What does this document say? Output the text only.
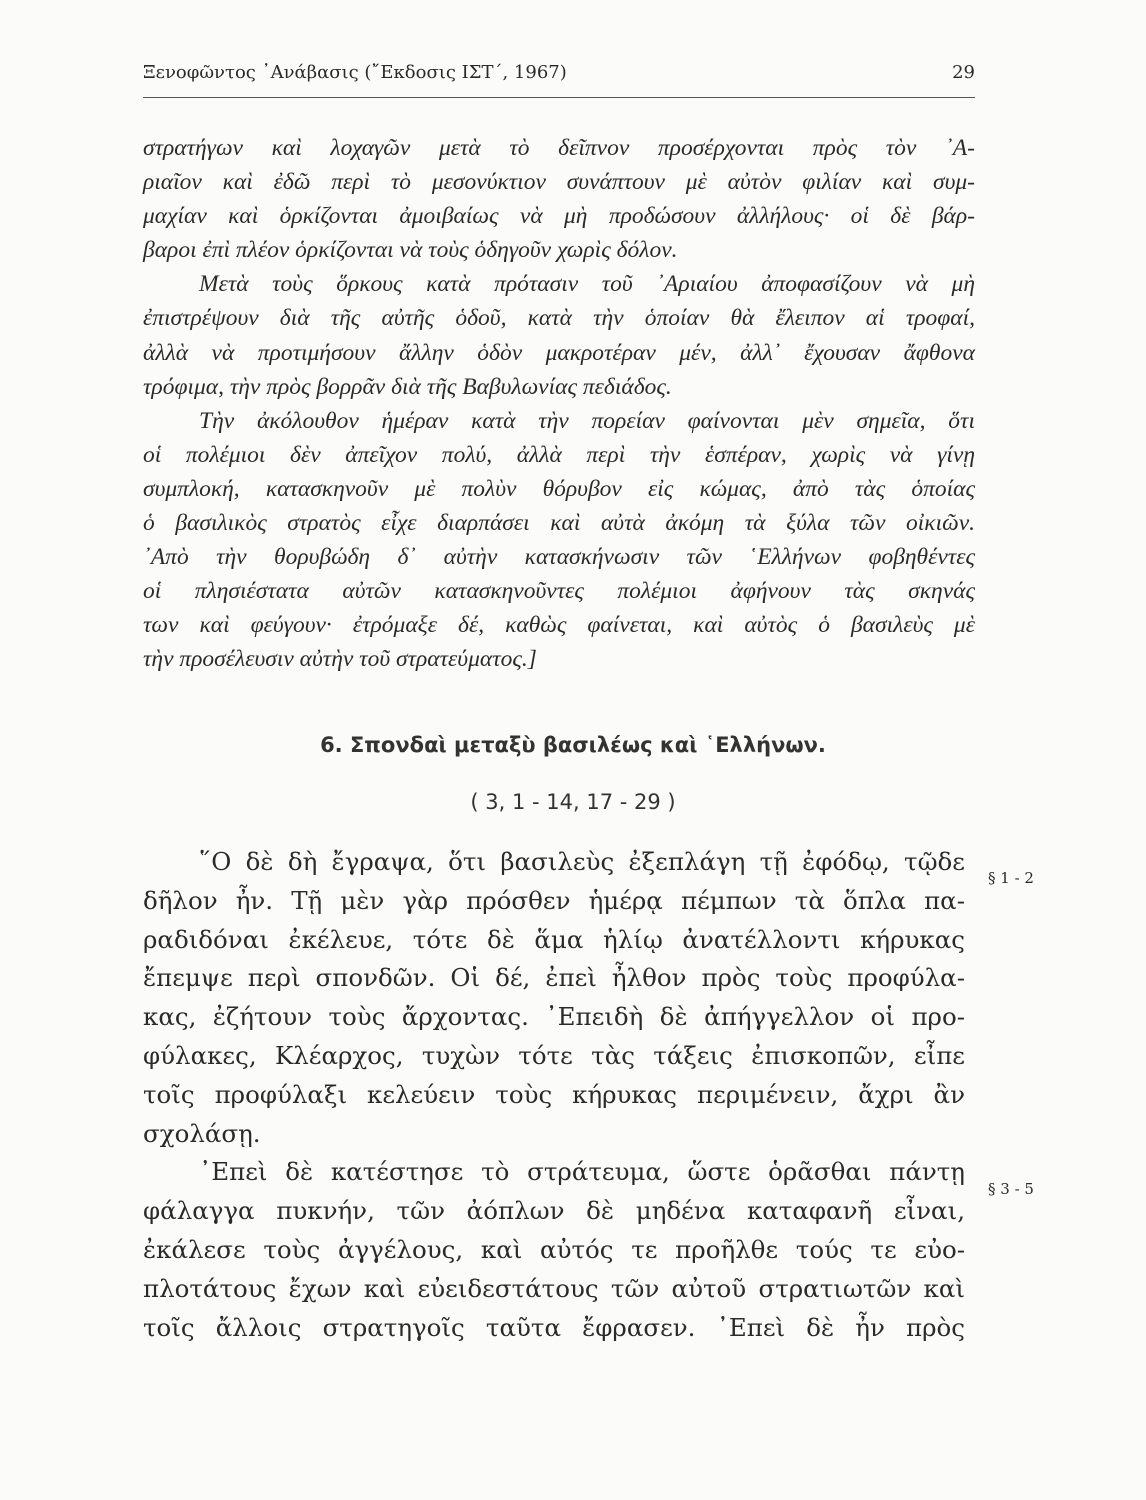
Ξενοφῶντος ᾿Ανάβασις (῎Εκδοσις ΙΣΤ΄, 1967)	29
στρατήγων καὶ λοχαγῶν μετὰ τὸ δεῖπνον προσέρχονται πρὸς τὸν ᾿Α-
ριαῖον καὶ ἐδῶ περὶ τὸ μεσονύκτιον συνάπτουν μὲ αὐτὸν φιλίαν καὶ συμ-
μαχίαν καὶ ὁρκίζονται ἀμοιβαίως νὰ μὴ προδώσουν ἀλλήλους· οἱ δὲ βάρ-
βαροι ἐπὶ πλέον ὁρκίζονται νὰ τοὺς ὁδηγοῦν χωρὶς δόλον.
Μετὰ τοὺς ὅρκους κατὰ πρότασιν τοῦ ᾿Αριαίου ἀποφασίζουν νὰ μὴ
ἐπιστρέψουν διὰ τῆς αὐτῆς ὁδοῦ, κατὰ τὴν ὁποίαν θὰ ἔλειπον αἱ τροφαί,
ἀλλὰ νὰ προτιμήσουν ἄλλην ὁδὸν μακροτέραν μέν, ἀλλ᾿ ἔχουσαν ἄφθονα
τρόφιμα, τὴν πρὸς βορρᾶν διὰ τῆς Βαβυλωνίας πεδιάδος.
Τὴν ἀκόλουθον ἡμέραν κατὰ τὴν πορείαν φαίνονται μὲν σημεῖα, ὅτι
οἱ πολέμιοι δὲν ἀπεῖχον πολύ, ἀλλὰ περὶ τὴν ἑσπέραν, χωρὶς νὰ γίνῃ
συμπλοκή, κατασκηνοῦν μὲ πολὺν θόρυβον εἰς κώμας, ἀπὸ τὰς ὁποίας
ὁ βασιλικὸς στρατὸς εἶχε διαρπάσει καὶ αὐτὰ ἀκόμη τὰ ξύλα τῶν οἰκιῶν.
᾿Απὸ τὴν θορυβώδη δ᾿ αὐτὴν κατασκήνωσιν τῶν ῾Ελλήνων φοβηθέντες
οἱ πλησιέστατα αὐτῶν κατασκηνοῦντες πολέμιοι ἀφήνουν τὰς σκηνάς
των καὶ φεύγουν· ἐτρόμαξε δέ, καθὼς φαίνεται, καὶ αὐτὸς ὁ βασιλεὺς μὲ
τὴν προσέλευσιν αὐτὴν τοῦ στρατεύματος.]
6. Σπονδαὶ μεταξὺ βασιλέως καὶ ῾Ελλήνων.
( 3, 1 - 14, 17 - 29 )
῞Ο δὲ δὴ ἔγραψα, ὅτι βασιλεὺς ἐξεπλάγη τῇ ἐφόδῳ, τῷδε
δῆλον ἦν. Τῇ μὲν γὰρ πρόσθεν ἡμέρᾳ πέμπων τὰ ὅπλα πα-
ραδιδόναι ἐκέλευε, τότε δὲ ἅμα ἡλίῳ ἀνατέλλοντι κήρυκας
ἔπεμψε περὶ σπονδῶν. Οἱ δέ, ἐπεὶ ἦλθον πρὸς τοὺς προφύλα-
κας, ἐζήτουν τοὺς ἄρχοντας. ᾿Επειδὴ δὲ ἀπήγγελλον οἱ προ-
φύλακες, Κλέαρχος, τυχὼν τότε τὰς τάξεις ἐπισκοπῶν, εἶπε
τοῖς προφύλαξι κελεύειν τοὺς κήρυκας περιμένειν, ἄχρι ἂν
σχολάσῃ.
᾿Επεὶ δὲ κατέστησε τὸ στράτευμα, ὥστε ὁρᾶσθαι πάντῃ
φάλαγγα πυκνήν, τῶν ἀόπλων δὲ μηδένα καταφανῆ εἶναι,
ἐκάλεσε τοὺς ἀγγέλους, καὶ αὐτός τε προῆλθε τούς τε εὐο-
πλοτάτους ἔχων καὶ εὐειδεστάτους τῶν αὐτοῦ στρατιωτῶν καὶ
τοῖς ἄλλοις στρατηγοῖς ταῦτα ἔφρασεν. ᾿Επεὶ δὲ ἦν πρὸς
§ 1 - 2
§ 3 - 5
